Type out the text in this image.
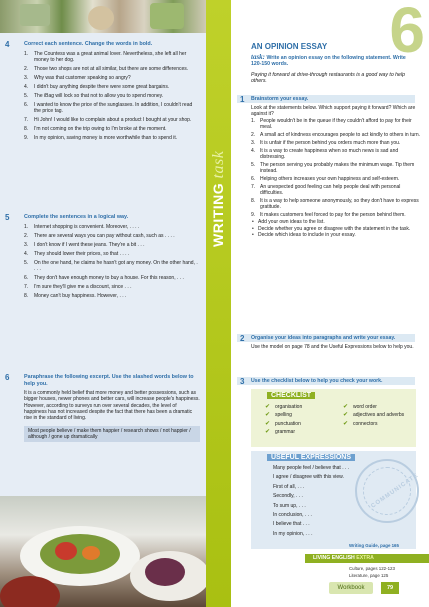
4	Correct each sentence. Change the words in bold.
1. The Countess was a great animal lover. Nevertheless, she left all her money to her dog.
2. Those two shops are not at all similar, but there are some differences.
3. Why was that customer speaking so angry?
4. I didn't buy anything despite there were some great bargains.
5. The iBag will lock so that not to allow you to spend money.
6. I wanted to know the price of the sunglasses. In addition, I couldn't read the price tag.
7. Hi John! I would like to complain about a product I bought at your shop.
8. I'm not coming on the trip owing to I'm broke at the moment.
9. In my opinion, saving money is more worthwhile than to spend it.
5	Complete the sentences in a logical way.
1. Internet shopping is convenient. Moreover, . . . .
2. There are several ways you can pay without cash, such as . . . .
3. I don't know if I went these jeans. They're a bit . . .
4. They should lower their prices, so that . . . .
5. On the one hand, he claims he hasn't got any money. On the other hand, . . . .
6. They don't have enough money to buy a house. For this reason, . . .
7. I'm sure they'll give me a discount, since . . .
8. Money can't buy happiness. However, . . .
6	Paraphrase the following excerpt. Use the slashed words below to help you.
It is a commonly held belief that more money and better possessions, such as bigger houses, newer phones and better cars, will increase people's happiness. However, according to surveys run over several decades, the level of happiness has not increased despite the fact that there has been a dramatic rise in the standard of living.
Most people believe / make them happier / research shows / not happier / although / gone up dramatically
WRITING task
6
AN OPINION ESSAY
task: Write an opinion essay on the following statement. Write 120-150 words.
Paying it forward at drive-through restaurants is a good way to help others.
1 Brainstorm your essay.
Look at the statements below. Which support paying it forward? Which are against it?
1. People wouldn't be in the queue if they couldn't afford to pay for their meal.
2. A small act of kindness encourages people to act kindly to others in turn.
3. It is unfair if the person behind you orders much more than you.
4. It is a way to create happiness when so much news is sad and distressing.
5. The person serving you probably makes the minimum wage. Tip them instead.
6. Helping others increases your own happiness and self-esteem.
7. An unexpected good feeling can help people deal with personal difficulties.
8. It is a way to help someone anonymously, so they don't have to express gratitude.
9. It makes customers feel forced to pay for the person behind them.
• Add your own ideas to the list.
• Decide whether you agree or disagree with the statement in the task.
• Decide which ideas to include in your essay.
2 Organise your ideas into paragraphs and write your essay.
Use the model on page 78 and the Useful Expressions below to help you.
3 Use the checklist below to help you check your work.
CHECKLIST
✔ organisation
✔ spelling
✔ punctuation
✔ grammar
✔ word order
✔ adjectives and adverbs
✔ connectors
USEFUL EXPRESSIONS
Many people feel / believe that . . .
I agree / disagree with this view.
First of all, . . .
Secondly, . . .
To sum up, . . .
In conclusion, . . .
I believe that . . .
In my opinion, . . .
COMMUNICATE
Writing Guide, page 165
LIVING ENGLISH EXTRA
Culture, pages 122-123
Literature, page 125
Workbook	79
